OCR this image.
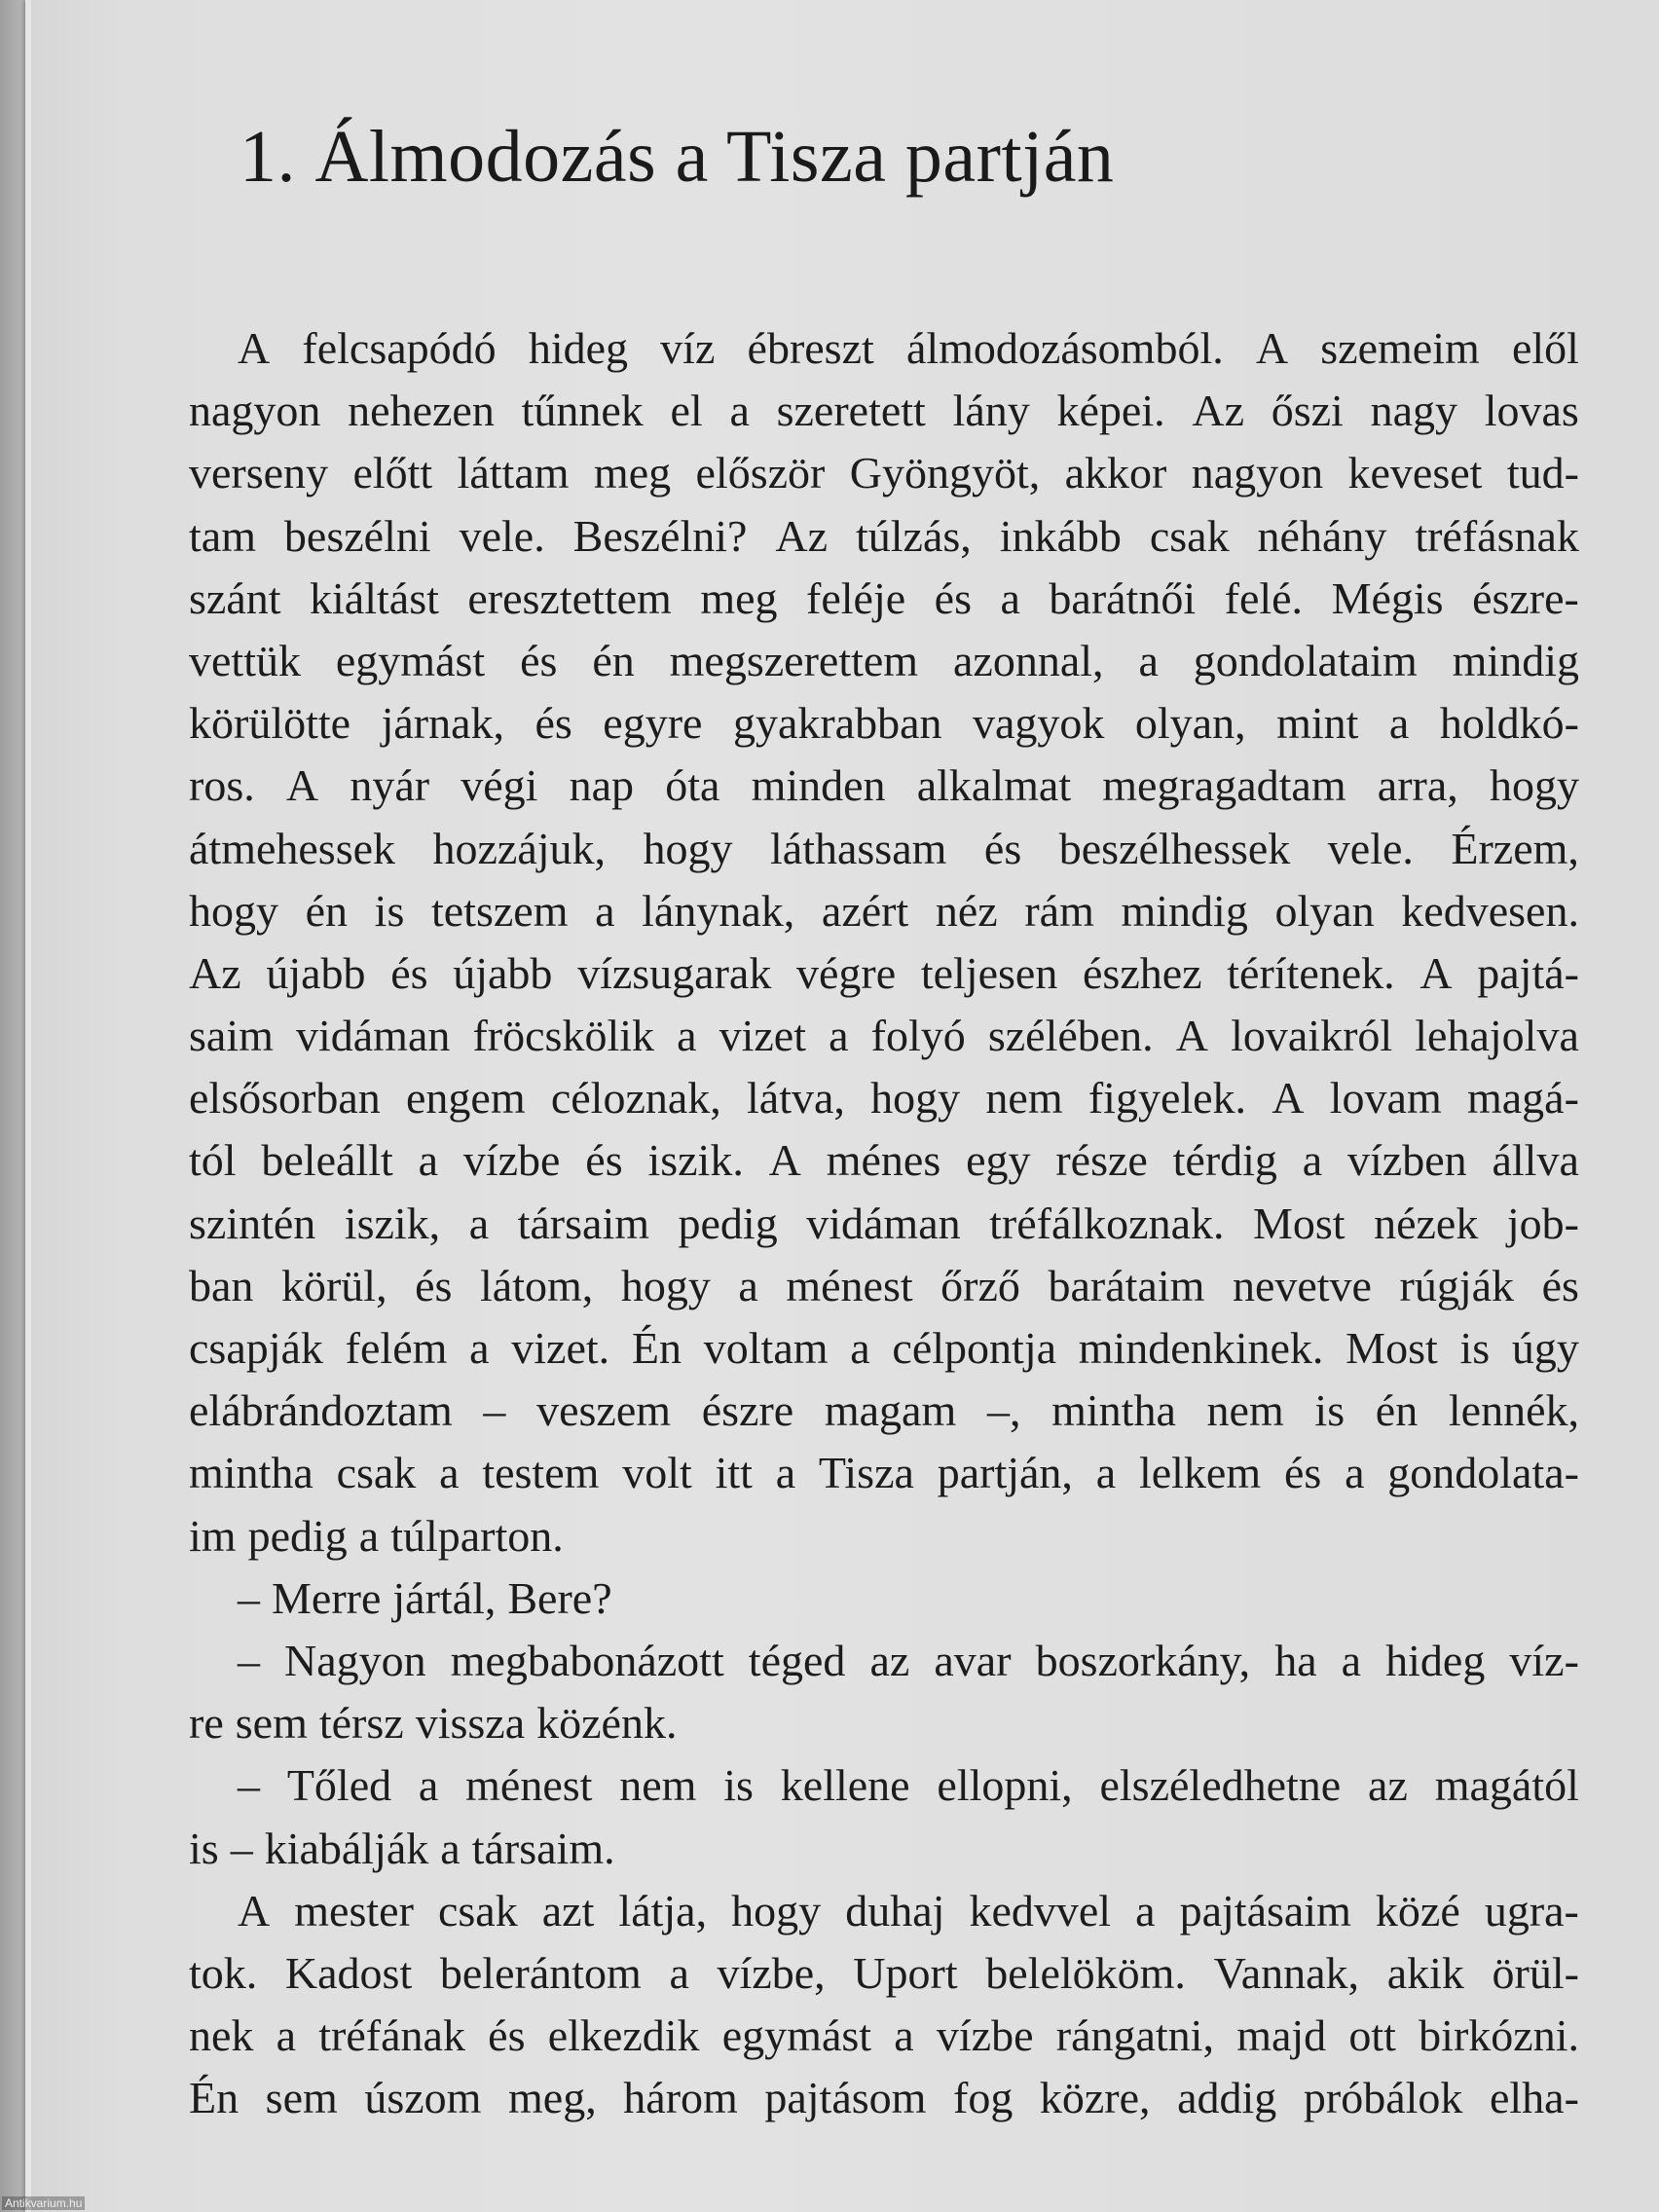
1. Álmodozás a Tisza partján
A felcsapódó hideg víz ébreszt álmodozásomból. A szemeim elől
nagyon nehezen tűnnek el a szeretett lány képei. Az őszi nagy lovas
verseny előtt láttam meg először Gyöngyöt, akkor nagyon keveset tud-
tam beszélni vele. Beszélni? Az túlzás, inkább csak néhány tréfásnak
szánt kiáltást eresztettem meg feléje és a barátnői felé. Mégis észre-
vettük egymást és én megszerettem azonnal, a gondolataim mindig
körülötte járnak, és egyre gyakrabban vagyok olyan, mint a holdkó-
ros. A nyár végi nap óta minden alkalmat megragadtam arra, hogy
átmehessek hozzájuk, hogy láthassam és beszélhessek vele. Érzem,
hogy én is tetszem a lánynak, azért néz rám mindig olyan kedvesen.
Az újabb és újabb vízsugarak végre teljesen észhez térítenek. A pajtá-
saim vidáman fröcskölik a vizet a folyó szélében. A lovaikról lehajolva
elsősorban engem céloznak, látva, hogy nem figyelek. A lovam magá-
tól beleállt a vízbe és iszik. A ménes egy része térdig a vízben állva
szintén iszik, a társaim pedig vidáman tréfálkoznak. Most nézek job-
ban körül, és látom, hogy a ménest őrző barátaim nevetve rúgják és
csapják felém a vizet. Én voltam a célpontja mindenkinek. Most is úgy
elábrándoztam – veszem észre magam –, mintha nem is én lennék,
mintha csak a testem volt itt a Tisza partján, a lelkem és a gondolata-
im pedig a túlparton.
– Merre jártál, Bere?
– Nagyon megbabonázott téged az avar boszorkány, ha a hideg víz-
re sem térsz vissza közénk.
– Tőled a ménest nem is kellene ellopni, elszéledhetne az magától
is – kiabálják a társaim.
A mester csak azt látja, hogy duhaj kedvvel a pajtásaim közé ugra-
tok. Kadost belerántom a vízbe, Uport belelököm. Vannak, akik örül-
nek a tréfának és elkezdik egymást a vízbe rángatni, majd ott birkózni.
Én sem úszom meg, három pajtásom fog közre, addig próbálok elha-
Antikvarium.hu
